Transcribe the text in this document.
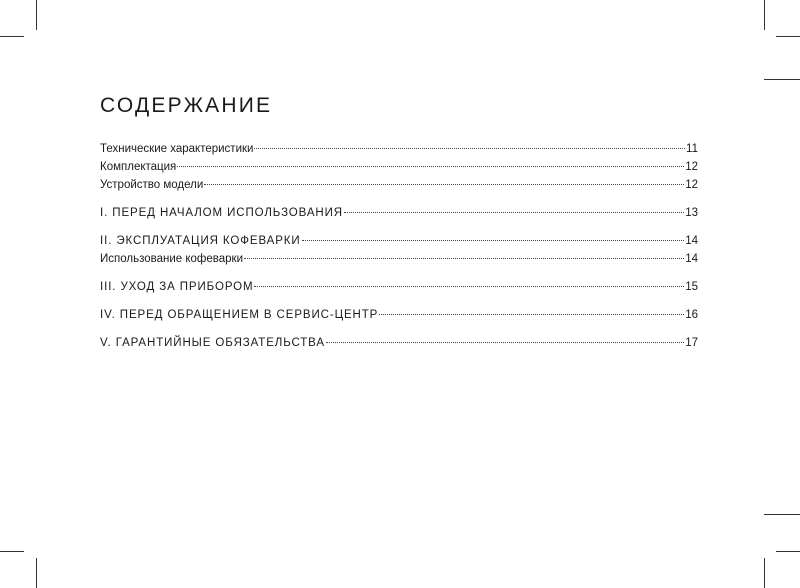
СОДЕРЖАНИЕ
Технические характеристики	11
Комплектация	12
Устройство модели	12
I. ПЕРЕД НАЧАЛОМ ИСПОЛЬЗОВАНИЯ	13
II. ЭКСПЛУАТАЦИЯ КОФЕВАРКИ	14
Использование кофеварки	14
III. УХОД ЗА ПРИБОРОМ	15
IV. ПЕРЕД ОБРАЩЕНИЕМ В СЕРВИС-ЦЕНТР	16
V. ГАРАНТИЙНЫЕ ОБЯЗАТЕЛЬСТВА	17
